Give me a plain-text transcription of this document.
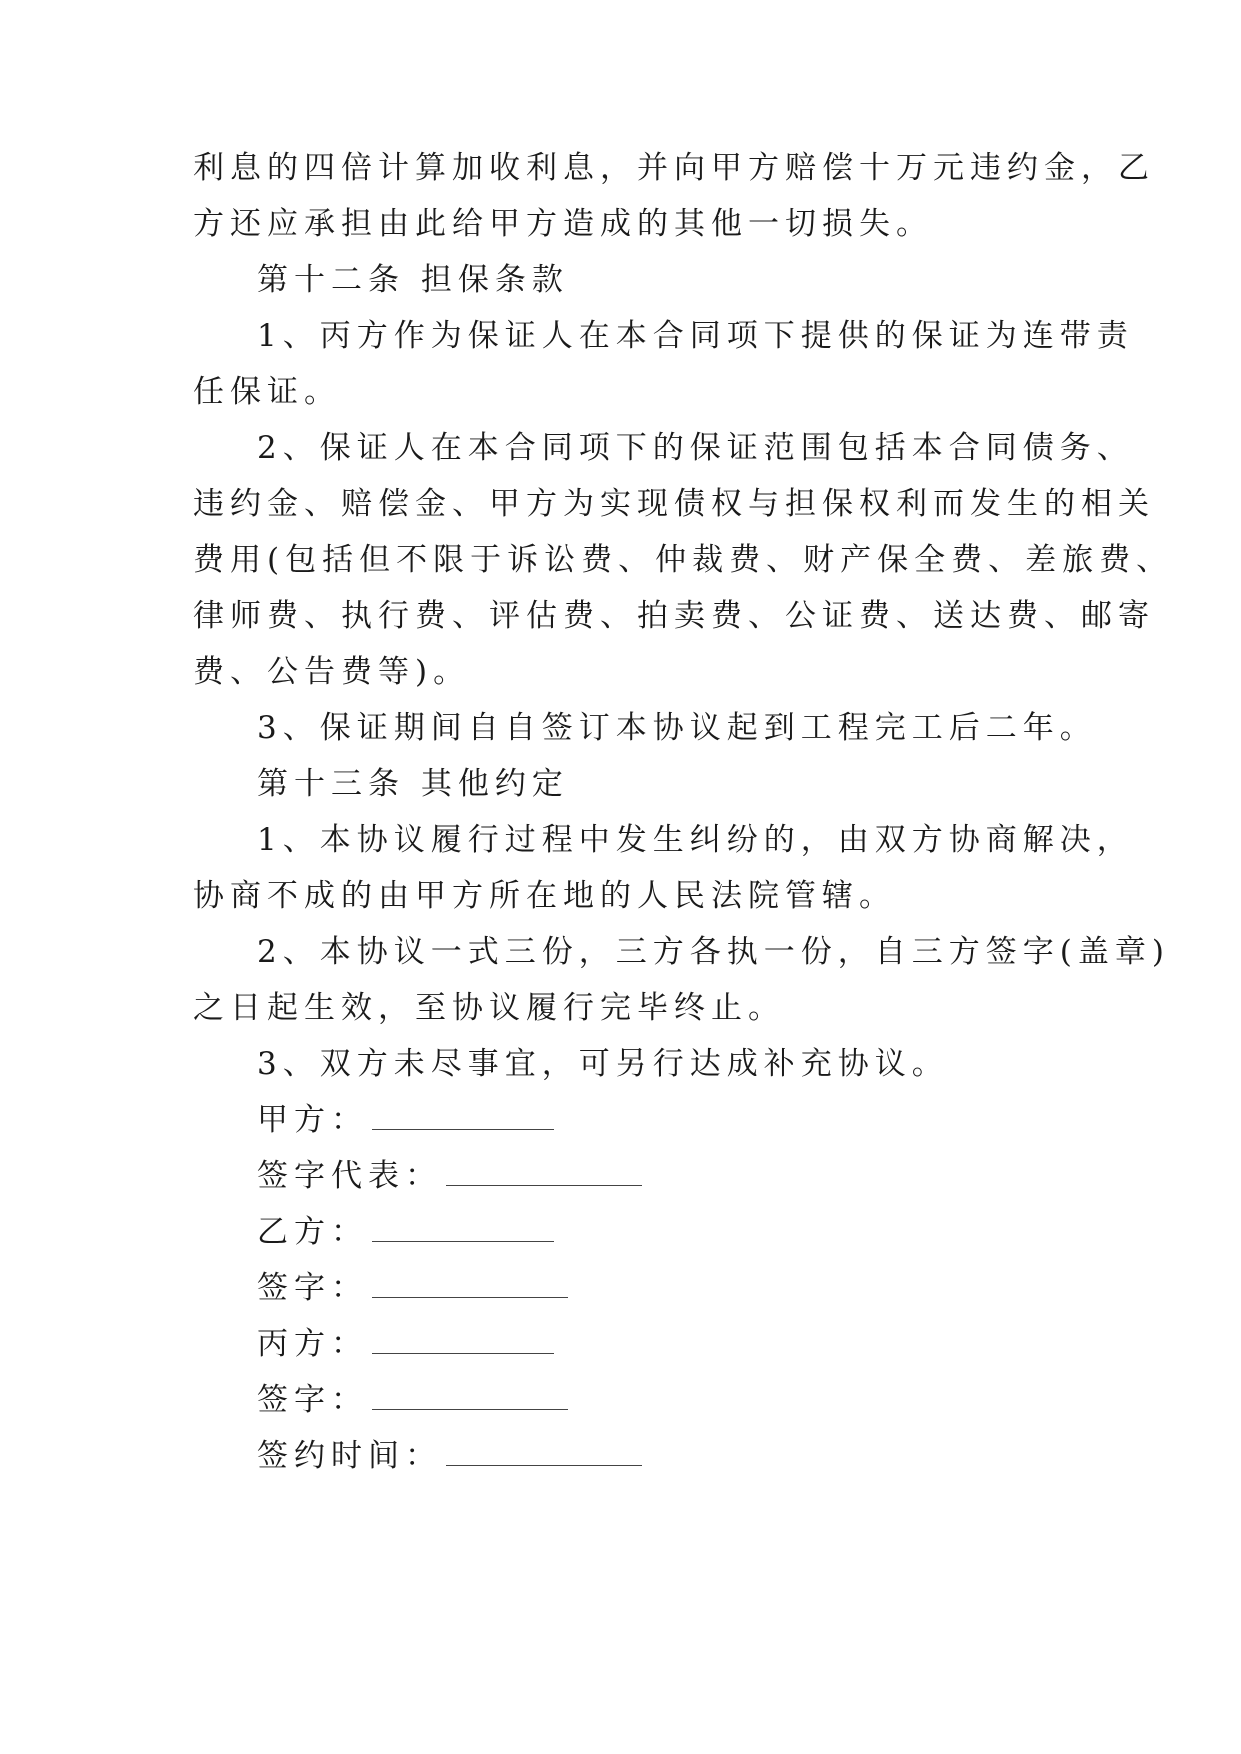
利息的四倍计算加收利息，并向甲方赔偿十万元违约金，乙
方还应承担由此给甲方造成的其他一切损失。
第十二条 担保条款
1、丙方作为保证人在本合同项下提供的保证为连带责
任保证。
2、保证人在本合同项下的保证范围包括本合同债务、
违约金、赔偿金、甲方为实现债权与担保权利而发生的相关
费用(包括但不限于诉讼费、仲裁费、财产保全费、差旅费、
律师费、执行费、评估费、拍卖费、公证费、送达费、邮寄
费、公告费等)。
3、保证期间自自签订本协议起到工程完工后二年。
第十三条 其他约定
1、本协议履行过程中发生纠纷的，由双方协商解决，
协商不成的由甲方所在地的人民法院管辖。
2、本协议一式三份，三方各执一份，自三方签字(盖章)
之日起生效，至协议履行完毕终止。
3、双方未尽事宜，可另行达成补充协议。
甲方：
签字代表：
乙方：
签字：
丙方：
签字：
签约时间：
